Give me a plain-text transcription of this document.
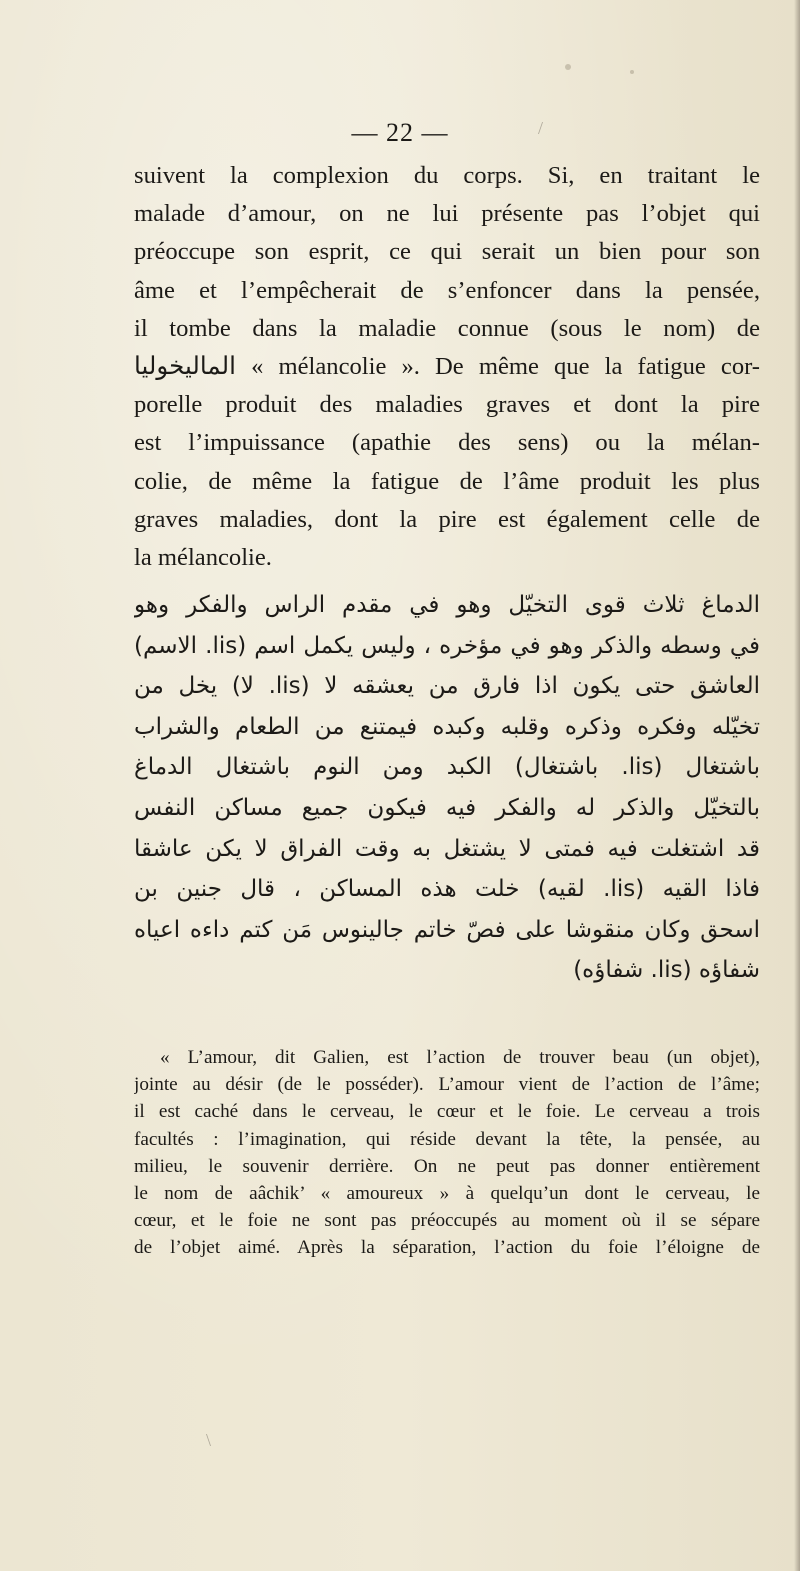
/
\
— 22 —
suivent la complexion du corps. Si, en traitant le
malade d’amour, on ne lui présente pas l’objet qui
préoccupe son esprit, ce qui serait un bien pour son
âme et l’empêcherait de s’enfoncer dans la pensée,
il tombe dans la maladie connue (sous le nom) de
الماليخوليا « mélancolie ». De même que la fatigue cor-
porelle produit des maladies graves et dont la pire
est l’impuissance (apathie des sens) ou la mélan-
colie, de même la fatigue de l’âme produit les plus
graves maladies, dont la pire est également celle de
la mélancolie.
الدماغ ثلاث قوى التخيّل وهو في مقدم الراس والفكر وهو
في وسطه والذكر وهو في مؤخره ، وليس يكمل اسم (lis. الاسم)
العاشق حتى يكون اذا فارق من يعشقه لا (lis. لا) يخل من
تخيّله وفكره وذكره وقلبه وكبده فيمتنع من الطعام والشراب
باشتغال (lis. باشتغال) الكبد ومن النوم باشتغال الدماغ
بالتخيّل والذكر له والفكر فيه فيكون جميع مساكن النفس
قد اشتغلت فيه فمتى لا يشتغل به وقت الفراق لا يكن عاشقا
فاذا القيه (lis. لقيه) خلت هذه المساكن ، قال جنين بن
اسحق وكان منقوشا على فصّ خاتم جالينوس مَن كتم داءه اعياه
شفاؤه (lis. شفاؤه)
« L’amour, dit Galien, est l’action de trouver beau (un objet),
jointe au désir (de le posséder). L’amour vient de l’action de l’âme;
il est caché dans le cerveau, le cœur et le foie. Le cerveau a trois
facultés : l’imagination, qui réside devant la tête, la pensée, au
milieu, le souvenir derrière. On ne peut pas donner entièrement
le nom de aâchik’ « amoureux » à quelqu’un dont le cerveau, le
cœur, et le foie ne sont pas préoccupés au moment où il se sépare
de l’objet aimé. Après la séparation, l’action du foie l’éloigne de
